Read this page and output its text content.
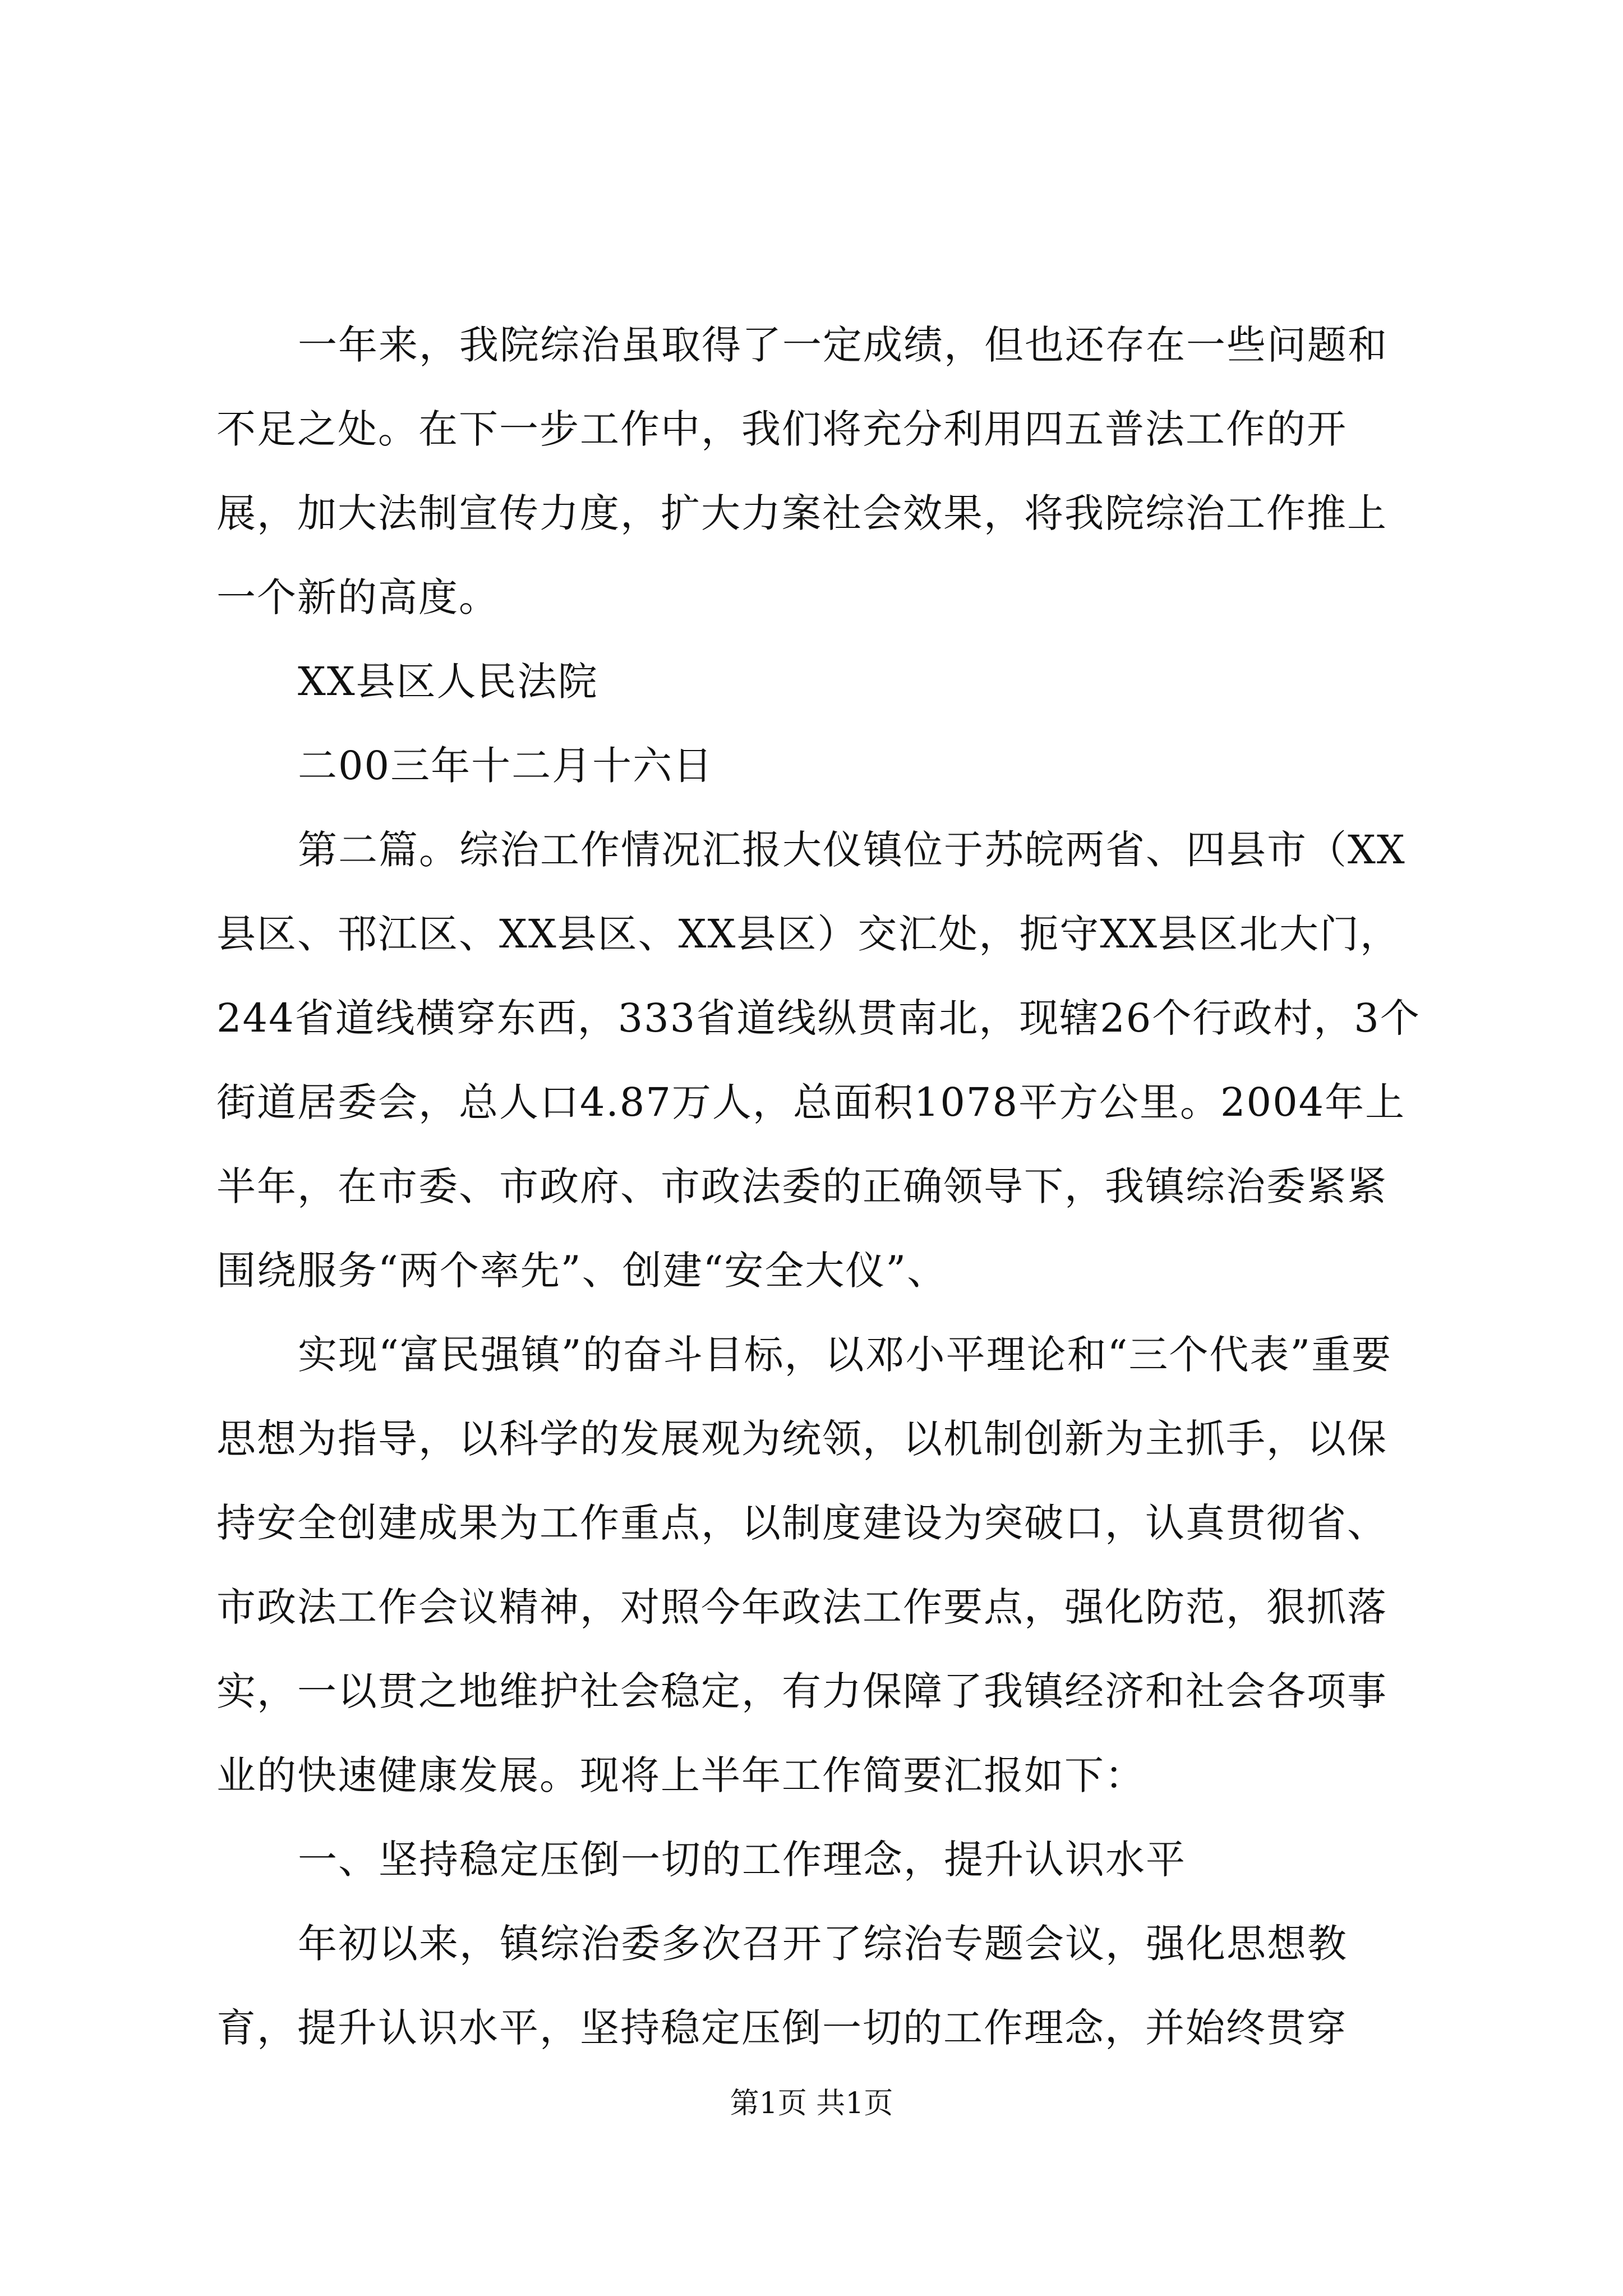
一年来，我院综治虽取得了一定成绩，但也还存在一些问题和不足之处。在下一步工作中，我们将充分利用四五普法工作的开展，加大法制宣传力度，扩大力案社会效果，将我院综治工作推上一个新的高度。

XX县区人民法院

二00三年十二月十六日

第二篇。综治工作情况汇报大仪镇位于苏皖两省、四县市（XX县区、邗江区、XX县区、XX县区）交汇处，扼守XX县区北大门，244省道线横穿东西，333省道线纵贯南北，现辖26个行政村，3个街道居委会，总人口4.87万人，总面积1078平方公里。2004年上半年，在市委、市政府、市政法委的正确领导下，我镇综治委紧紧围绕服务“两个率先”、创建“安全大仪”、

实现“富民强镇”的奋斗目标，以邓小平理论和“三个代表”重要思想为指导，以科学的发展观为统领，以机制创新为主抓手，以保持安全创建成果为工作重点，以制度建设为突破口，认真贯彻省、市政法工作会议精神，对照今年政法工作要点，强化防范，狠抓落实，一以贯之地维护社会稳定，有力保障了我镇经济和社会各项事业的快速健康发展。现将上半年工作简要汇报如下：

一、坚持稳定压倒一切的工作理念，提升认识水平

年初以来，镇综治委多次召开了综治专题会议，强化思想教育，提升认识水平，坚持稳定压倒一切的工作理念，并始终贯穿

第1页 共1页
